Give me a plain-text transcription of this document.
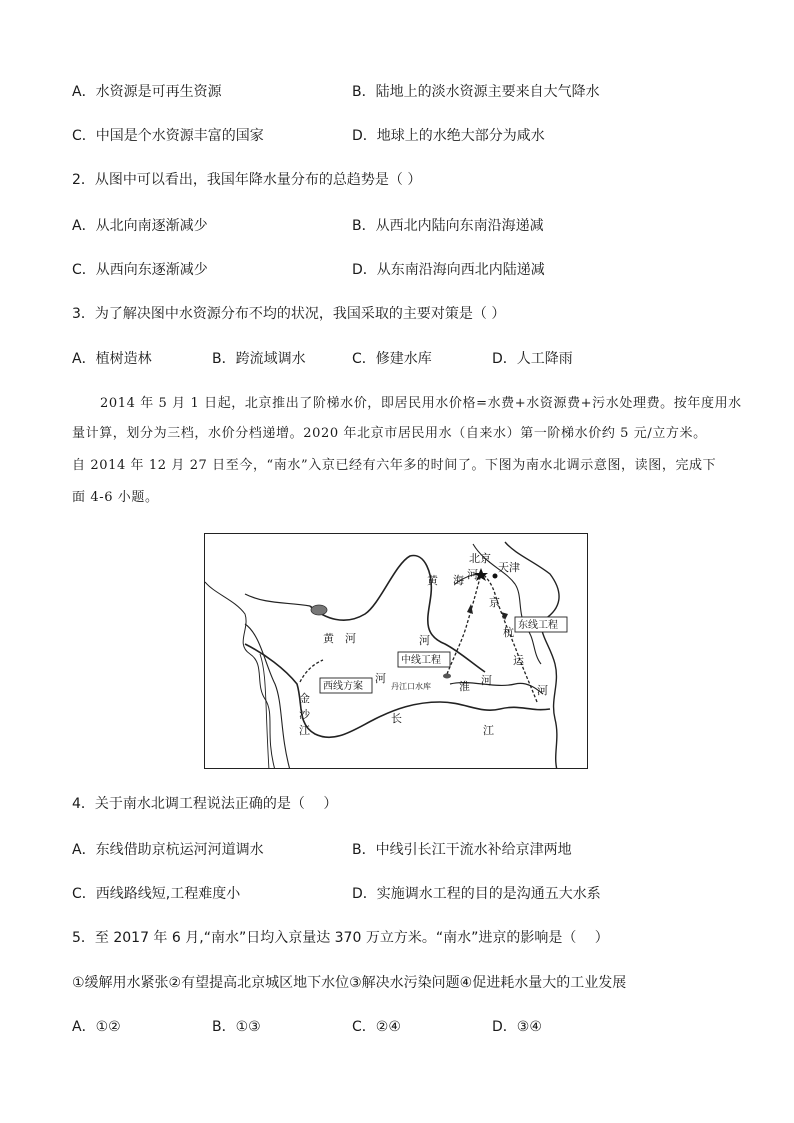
A．水资源是可再生资源	B．陆地上的淡水资源主要来自大气降水
C．中国是个水资源丰富的国家	D．地球上的水绝大部分为咸水
2．从图中可以看出，我国年降水量分布的总趋势是（ ）
A．从北向南逐渐减少	B．从西北内陆向东南沿海递减
C．从西向东逐渐减少	D．从东南沿海向西北内陆递减
3．为了解决图中水资源分布不均的状况，我国采取的主要对策是（ ）
A．植树造林	B．跨流域调水	C．修建水库	D．人工降雨
2014 年 5 月 1 日起，北京推出了阶梯水价，即居民用水价格=水费+水资源费+污水处理费。按年度用水
量计算，划分为三档，水价分档递增。2020 年北京市居民用水（自来水）第一阶梯水价约 5 元/立方米。
自 2014 年 12 月 27 日至今，“南水”入京已经有六年多的时间了。下图为南水北调示意图，读图，完成下
面 4-6 小题。
北京
天津
黄
黄 河	河
海 河
京
杭
运
河
淮 河
长
江
金
沙
江
东线工程
中线工程
西线方案	丹江口水库
河
4．关于南水北调工程说法正确的是（　 ）
A．东线借助京杭运河河道调水	B．中线引长江干流水补给京津两地
C．西线路线短,工程难度小	D．实施调水工程的目的是沟通五大水系
5．至 2017 年 6 月,“南水”日均入京量达 370 万立方米。“南水”进京的影响是（　 ）
①缓解用水紧张②有望提高北京城区地下水位③解决水污染问题④促进耗水量大的工业发展
A．①②	B．①③	C．②④	D．③④
